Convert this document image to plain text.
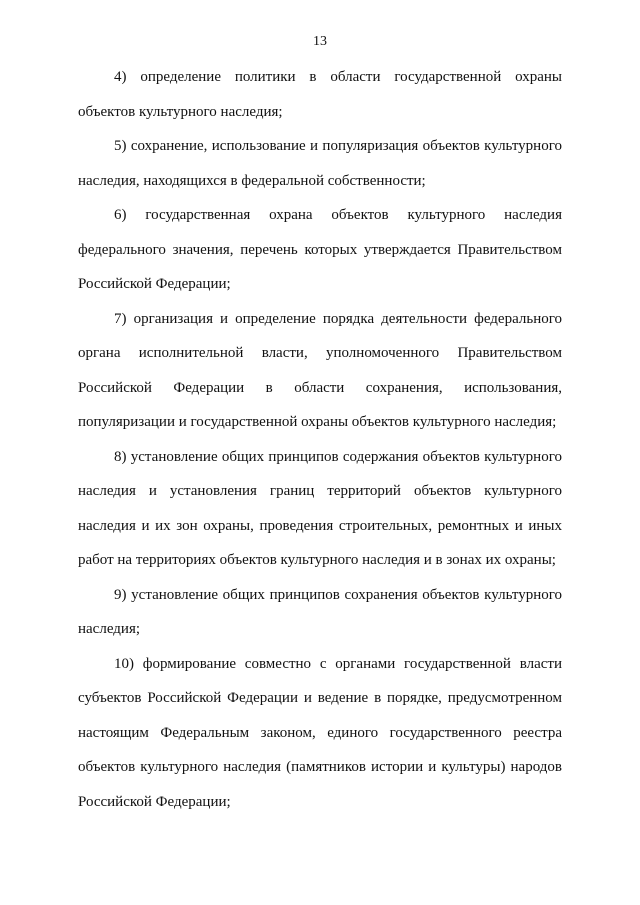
13

4) определение политики в области государственной охраны объектов культурного наследия;

5) сохранение, использование и популяризация объектов культурного наследия, находящихся в федеральной собственности;

6) государственная охрана объектов культурного наследия федерального значения, перечень которых утверждается Правительством Российской Федерации;

7) организация и определение порядка деятельности федерального органа исполнительной власти, уполномоченного Правительством Российской Федерации в области сохранения, использования, популяризации и государственной охраны объектов культурного наследия;

8) установление общих принципов содержания объектов культурного наследия и установления границ территорий объектов культурного наследия и их зон охраны, проведения строительных, ремонтных и иных работ на территориях объектов культурного наследия и в зонах их охраны;

9) установление общих принципов сохранения объектов культурного наследия;

10) формирование совместно с органами государственной власти субъектов Российской Федерации и ведение в порядке, предусмотренном настоящим Федеральным законом, единого государственного реестра объектов культурного наследия (памятников истории и культуры) народов Российской Федерации;
